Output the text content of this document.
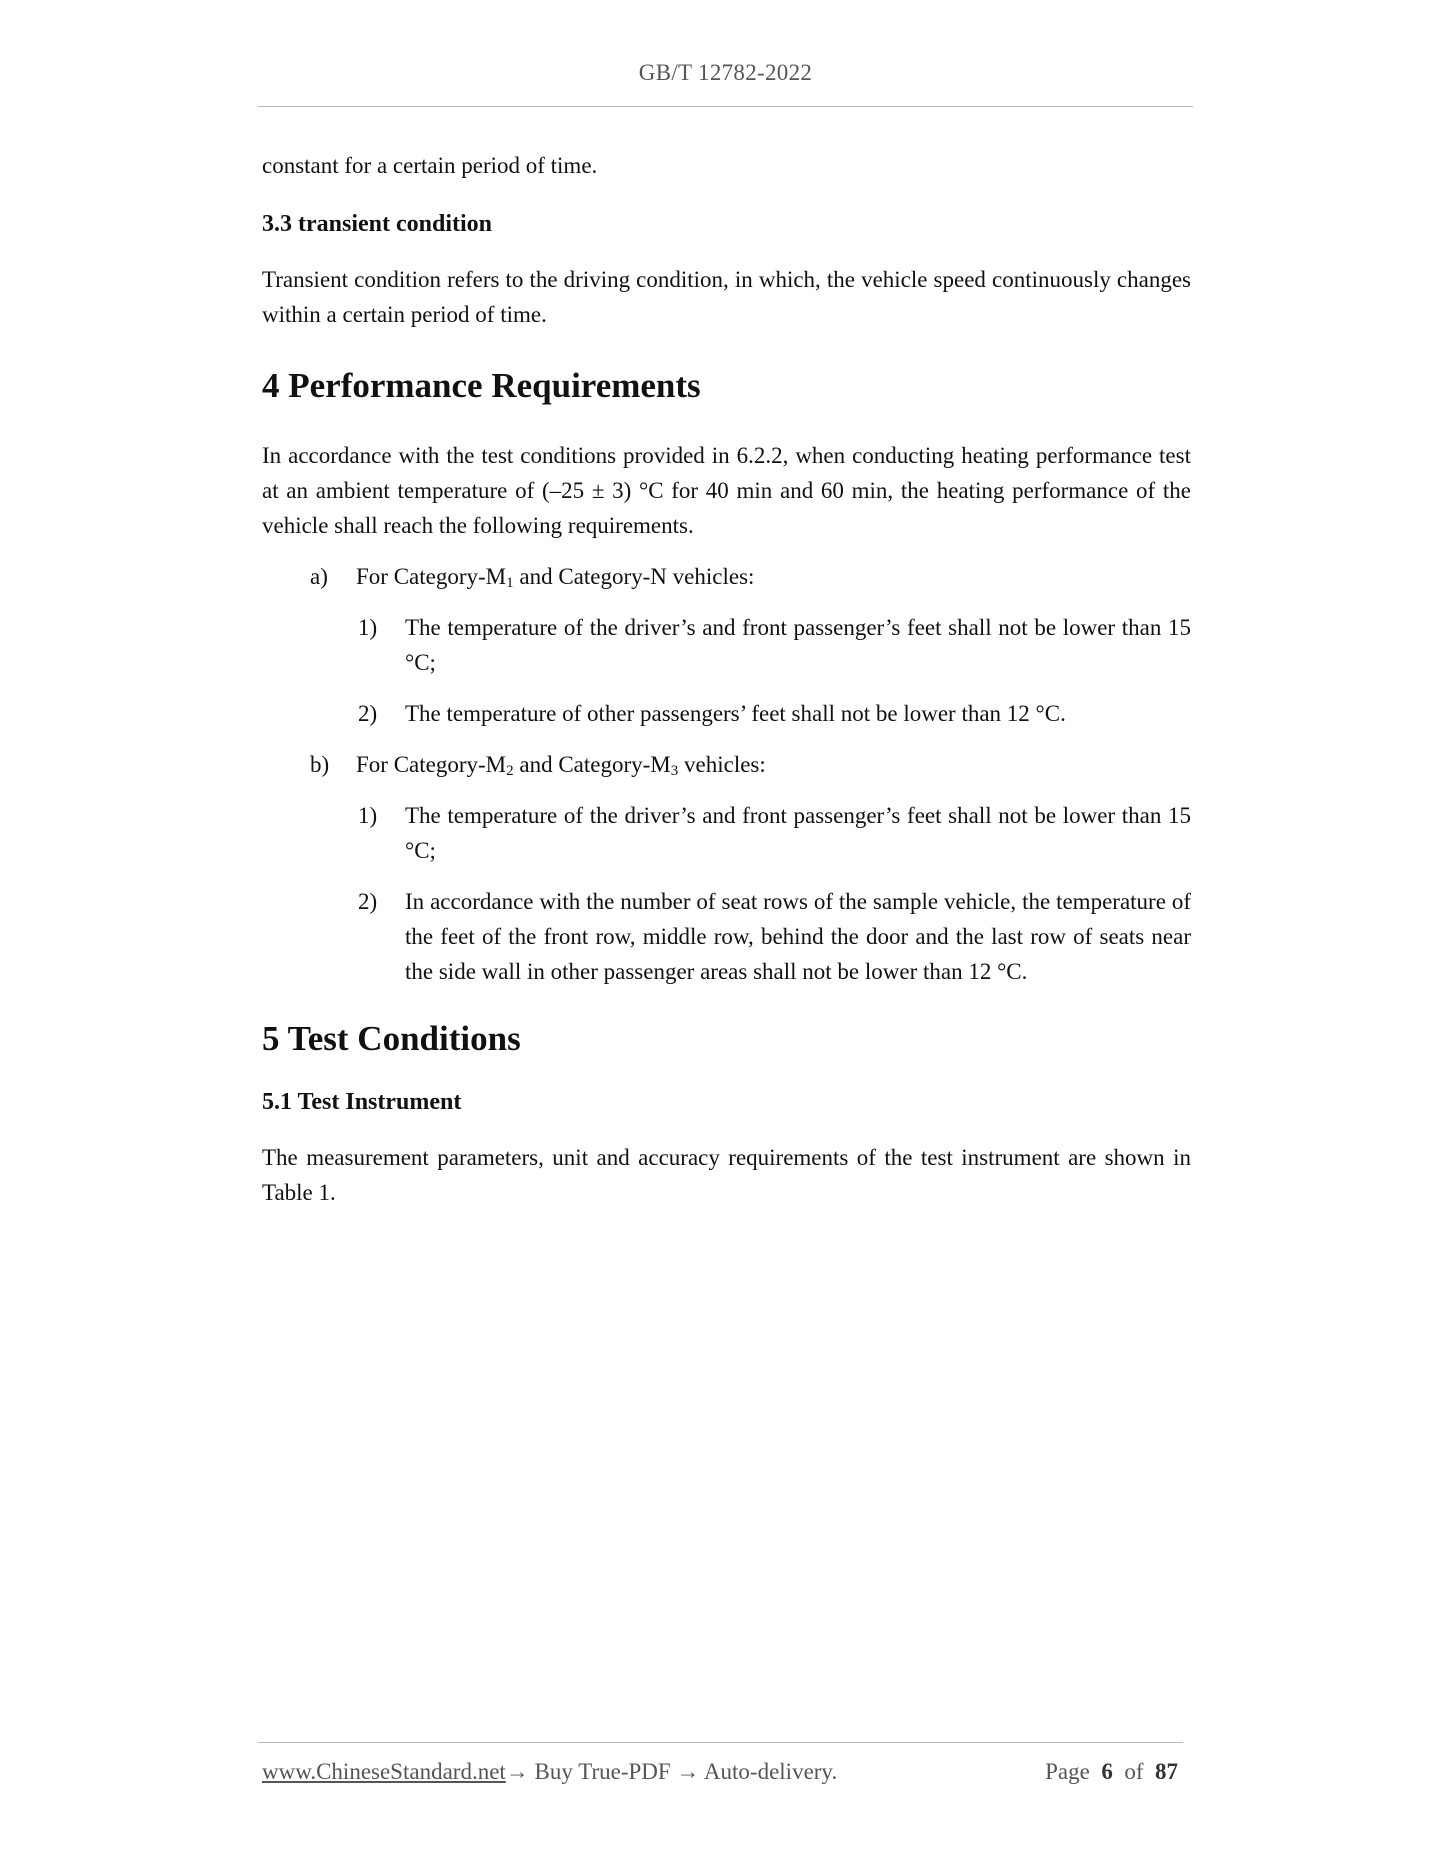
GB/T 12782-2022

constant for a certain period of time.

3.3 transient condition

Transient condition refers to the driving condition, in which, the vehicle speed continuously changes within a certain period of time.

4 Performance Requirements

In accordance with the test conditions provided in 6.2.2, when conducting heating performance test at an ambient temperature of (–25 ± 3) °C for 40 min and 60 min, the heating performance of the vehicle shall reach the following requirements.

a) For Category-$M_1$ and Category-N vehicles:
1) The temperature of the driver’s and front passenger’s feet shall not be lower than 15 °C;
2) The temperature of other passengers’ feet shall not be lower than 12 °C.
b) For Category-$M_2$ and Category-$M_3$ vehicles:
1) The temperature of the driver’s and front passenger’s feet shall not be lower than 15 °C;
2) In accordance with the number of seat rows of the sample vehicle, the temperature of the feet of the front row, middle row, behind the door and the last row of seats near the side wall in other passenger areas shall not be lower than 12 °C.
5 Test Conditions
5.1 Test Instrument

The measurement parameters, unit and accuracy requirements of the test instrument are shown in Table 1.

www.ChineseStandard.net→ Buy True-PDF → Auto-delivery.	Page 6 of 87
